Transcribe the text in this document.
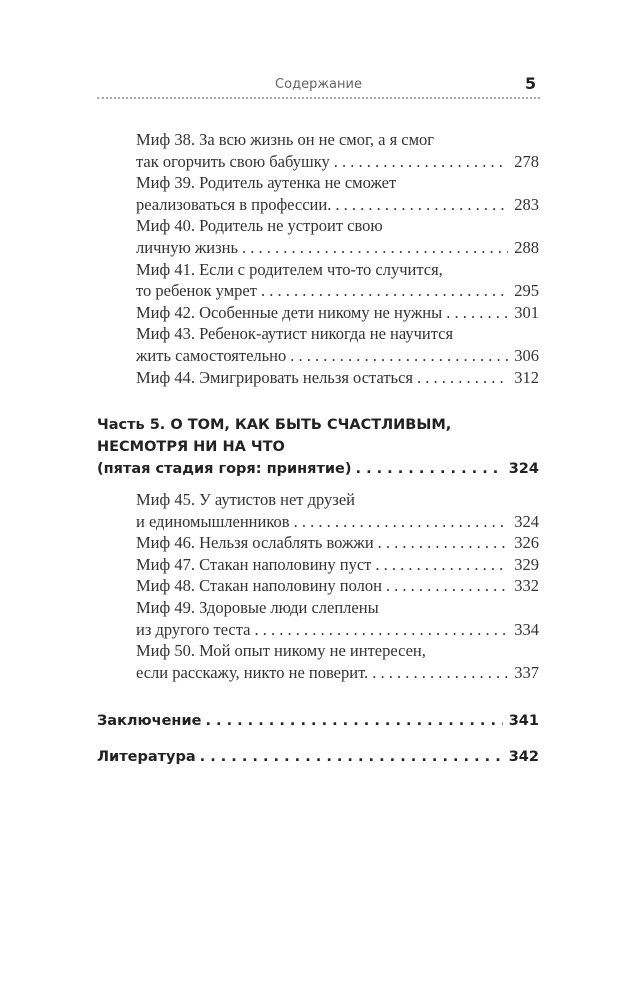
Содержание	5
Миф 38. За всю жизнь он не смог, а я смог
так огорчить свою бабушку . . .	278
Миф 39. Родитель аутенка не сможет
реализоваться в профессии. . . .	283
Миф 40. Родитель не устроит свою
личную жизнь . . .	288
Миф 41. Если с родителем что-то случится,
то ребенок умрет . . .	295
Миф 42. Особенные дети никому не нужны . . .	301
Миф 43. Ребенок-аутист никогда не научится
жить самостоятельно . . .	306
Миф 44. Эмигрировать нельзя остаться . . .	312
Часть 5. О ТОМ, КАК БЫТЬ СЧАСТЛИВЫМ,
НЕСМОТРЯ НИ НА ЧТО
(пятая стадия горя: принятие) . . .	324
Миф 45. У аутистов нет друзей
и единомышленников . . .	324
Миф 46. Нельзя ослаблять вожжи . . .	326
Миф 47. Стакан наполовину пуст . . .	329
Миф 48. Стакан наполовину полон . . .	332
Миф 49. Здоровые люди слеплены
из другого теста . . .	334
Миф 50. Мой опыт никому не интересен,
если расскажу, никто не поверит. . . .	337
Заключение . . .	341
Литература . . .	342
